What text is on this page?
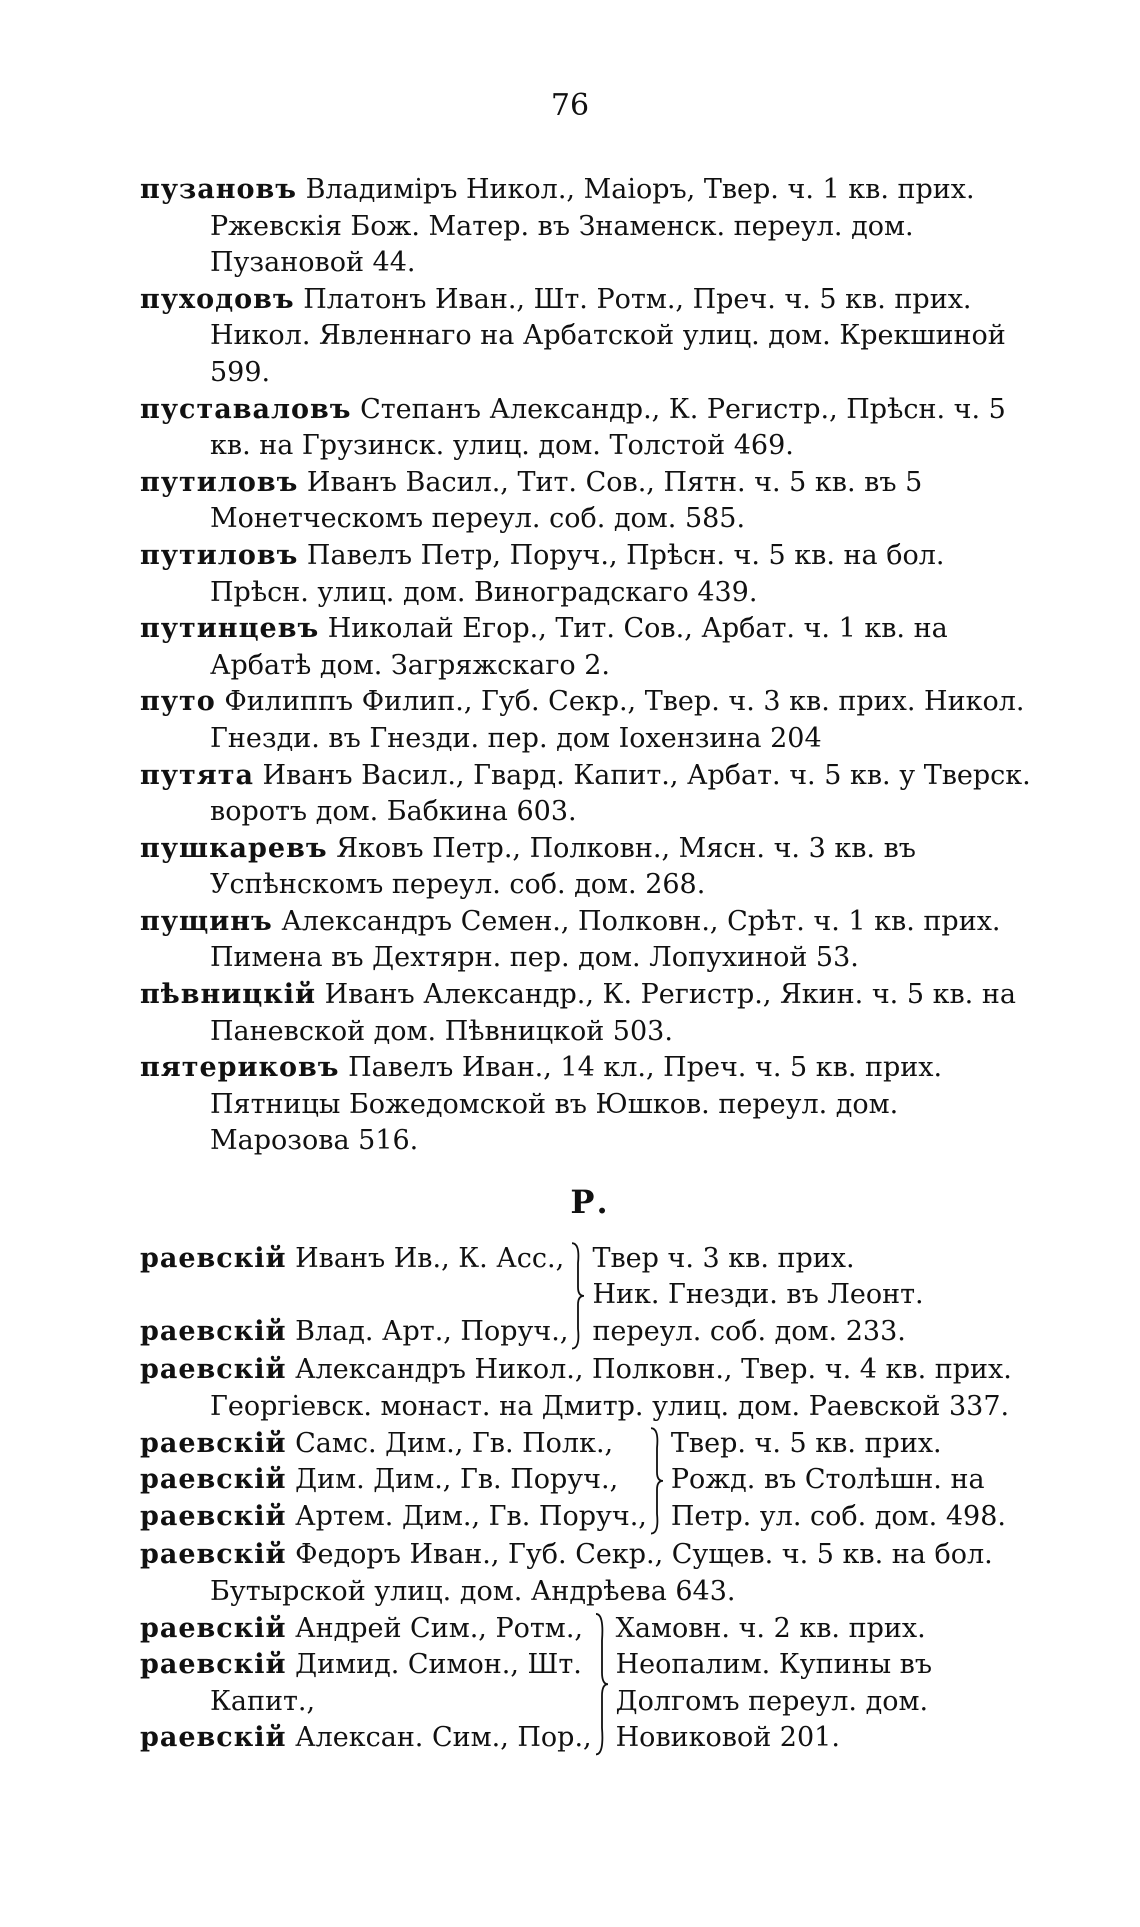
76
пузановъ Владиміръ Никол., Маіоръ, Твер. ч. 1 кв. прих. Ржевскія Бож. Матер. въ Знаменск. переул. дом. Пузановой 44.
пуходовъ Платонъ Иван., Шт. Ротм., Преч. ч. 5 кв. прих. Никол. Явленнаго на Арбатской улиц. дом. Крекшиной 599.
пуставаловъ Степанъ Александр., К. Регистр., Прѣсн. ч. 5 кв. на Грузинск. улиц. дом. Толстой 469.
путиловъ Иванъ Васил., Тит. Сов., Пятн. ч. 5 кв. въ 5 Монетческомъ переул. соб. дом. 585.
путиловъ Павелъ Петр, Поруч., Прѣсн. ч. 5 кв. на бол. Прѣсн. улиц. дом. Виноградскаго 439.
путинцевъ Николай Егор., Тит. Сов., Арбат. ч. 1 кв. на Арбатѣ дом. Загряжскаго 2.
путо Филиппъ Филип., Губ. Секр., Твер. ч. 3 кв. прих. Никол. Гнезди. въ Гнезди. пер. дом Іохензина 204
путята Иванъ Васил., Гвард. Капит., Арбат. ч. 5 кв. у Тверск. воротъ дом. Бабкина 603.
пушкаревъ Яковъ Петр., Полковн., Мясн. ч. 3 кв. въ Успѣнскомъ переул. соб. дом. 268.
пущинъ Александръ Семен., Полковн., Срѣт. ч. 1 кв. прих. Пимена въ Дехтярн. пер. дом. Лопухиной 53.
пѣвницкій Иванъ Александр., К. Регистр., Якин. ч. 5 кв. на Паневской дом. Пѣвницкой 503.
пятериковъ Павелъ Иван., 14 кл., Преч. ч. 5 кв. прих. Пятницы Божедомской въ Юшков. переул. дом. Марозова 516.
Р.
раевскій Иванъ Ив., К. Асс.,

раевскій Влад. Арт., Поруч.,
Твер ч. 3 кв. прих.
Ник. Гнезди. въ Леонт.
переул. соб. дом. 233.
раевскій Александръ Никол., Полковн., Твер. ч. 4 кв. прих. Георгіевск. монаст. на Дмитр. улиц. дом. Раевской 337.
раевскій Самс. Дим., Гв. Полк.,
раевскій Дим. Дим., Гв. Поруч.,
раевскій Артем. Дим., Гв. Поруч.,
Твер. ч. 5 кв. прих.
Рожд. въ Столѣшн. на
Петр. ул. соб. дом. 498.
раевскій Федоръ Иван., Губ. Секр., Сущев. ч. 5 кв. на бол. Бутырской улиц. дом. Андрѣева 643.
раевскій Андрей Сим., Ротм.,
раевскій Димид. Симон., Шт.
Капит.,
раевскій Алексан. Сим., Пор.,
Хамовн. ч. 2 кв. прих.
Неопалим. Купины въ
Долгомъ переул. дом.
Новиковой 201.
